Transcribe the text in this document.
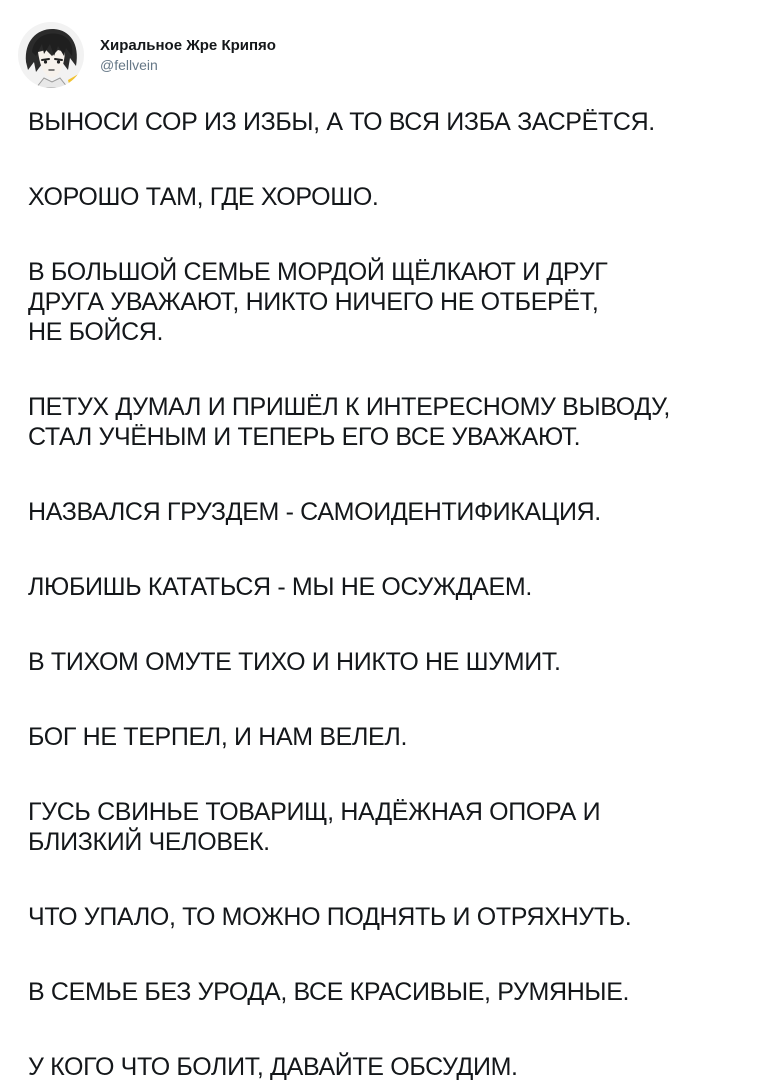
Хиральное Жре Крипяо
@fellvein

ВЫНОСИ СОР ИЗ ИЗБЫ, А ТО ВСЯ ИЗБА ЗАСРЁТСЯ.

ХОРОШО ТАМ, ГДЕ ХОРОШО.

В БОЛЬШОЙ СЕМЬЕ МОРДОЙ ЩЁЛКАЮТ И ДРУГ
ДРУГА УВАЖАЮТ, НИКТО НИЧЕГО НЕ ОТБЕРЁТ,
НЕ БОЙСЯ.

ПЕТУХ ДУМАЛ И ПРИШЁЛ К ИНТЕРЕСНОМУ ВЫВОДУ,
СТАЛ УЧЁНЫМ И ТЕПЕРЬ ЕГО ВСЕ УВАЖАЮТ.

НАЗВАЛСЯ ГРУЗДЕМ - САМОИДЕНТИФИКАЦИЯ.

ЛЮБИШЬ КАТАТЬСЯ - МЫ НЕ ОСУЖДАЕМ.

В ТИХОМ ОМУТЕ ТИХО И НИКТО НЕ ШУМИТ.

БОГ НЕ ТЕРПЕЛ, И НАМ ВЕЛЕЛ.

ГУСЬ СВИНЬЕ ТОВАРИЩ, НАДЁЖНАЯ ОПОРА И
БЛИЗКИЙ ЧЕЛОВЕК.

ЧТО УПАЛО, ТО МОЖНО ПОДНЯТЬ И ОТРЯХНУТЬ.

В СЕМЬЕ БЕЗ УРОДА, ВСЕ КРАСИВЫЕ, РУМЯНЫЕ.

У КОГО ЧТО БОЛИТ, ДАВАЙТЕ ОБСУДИМ.
